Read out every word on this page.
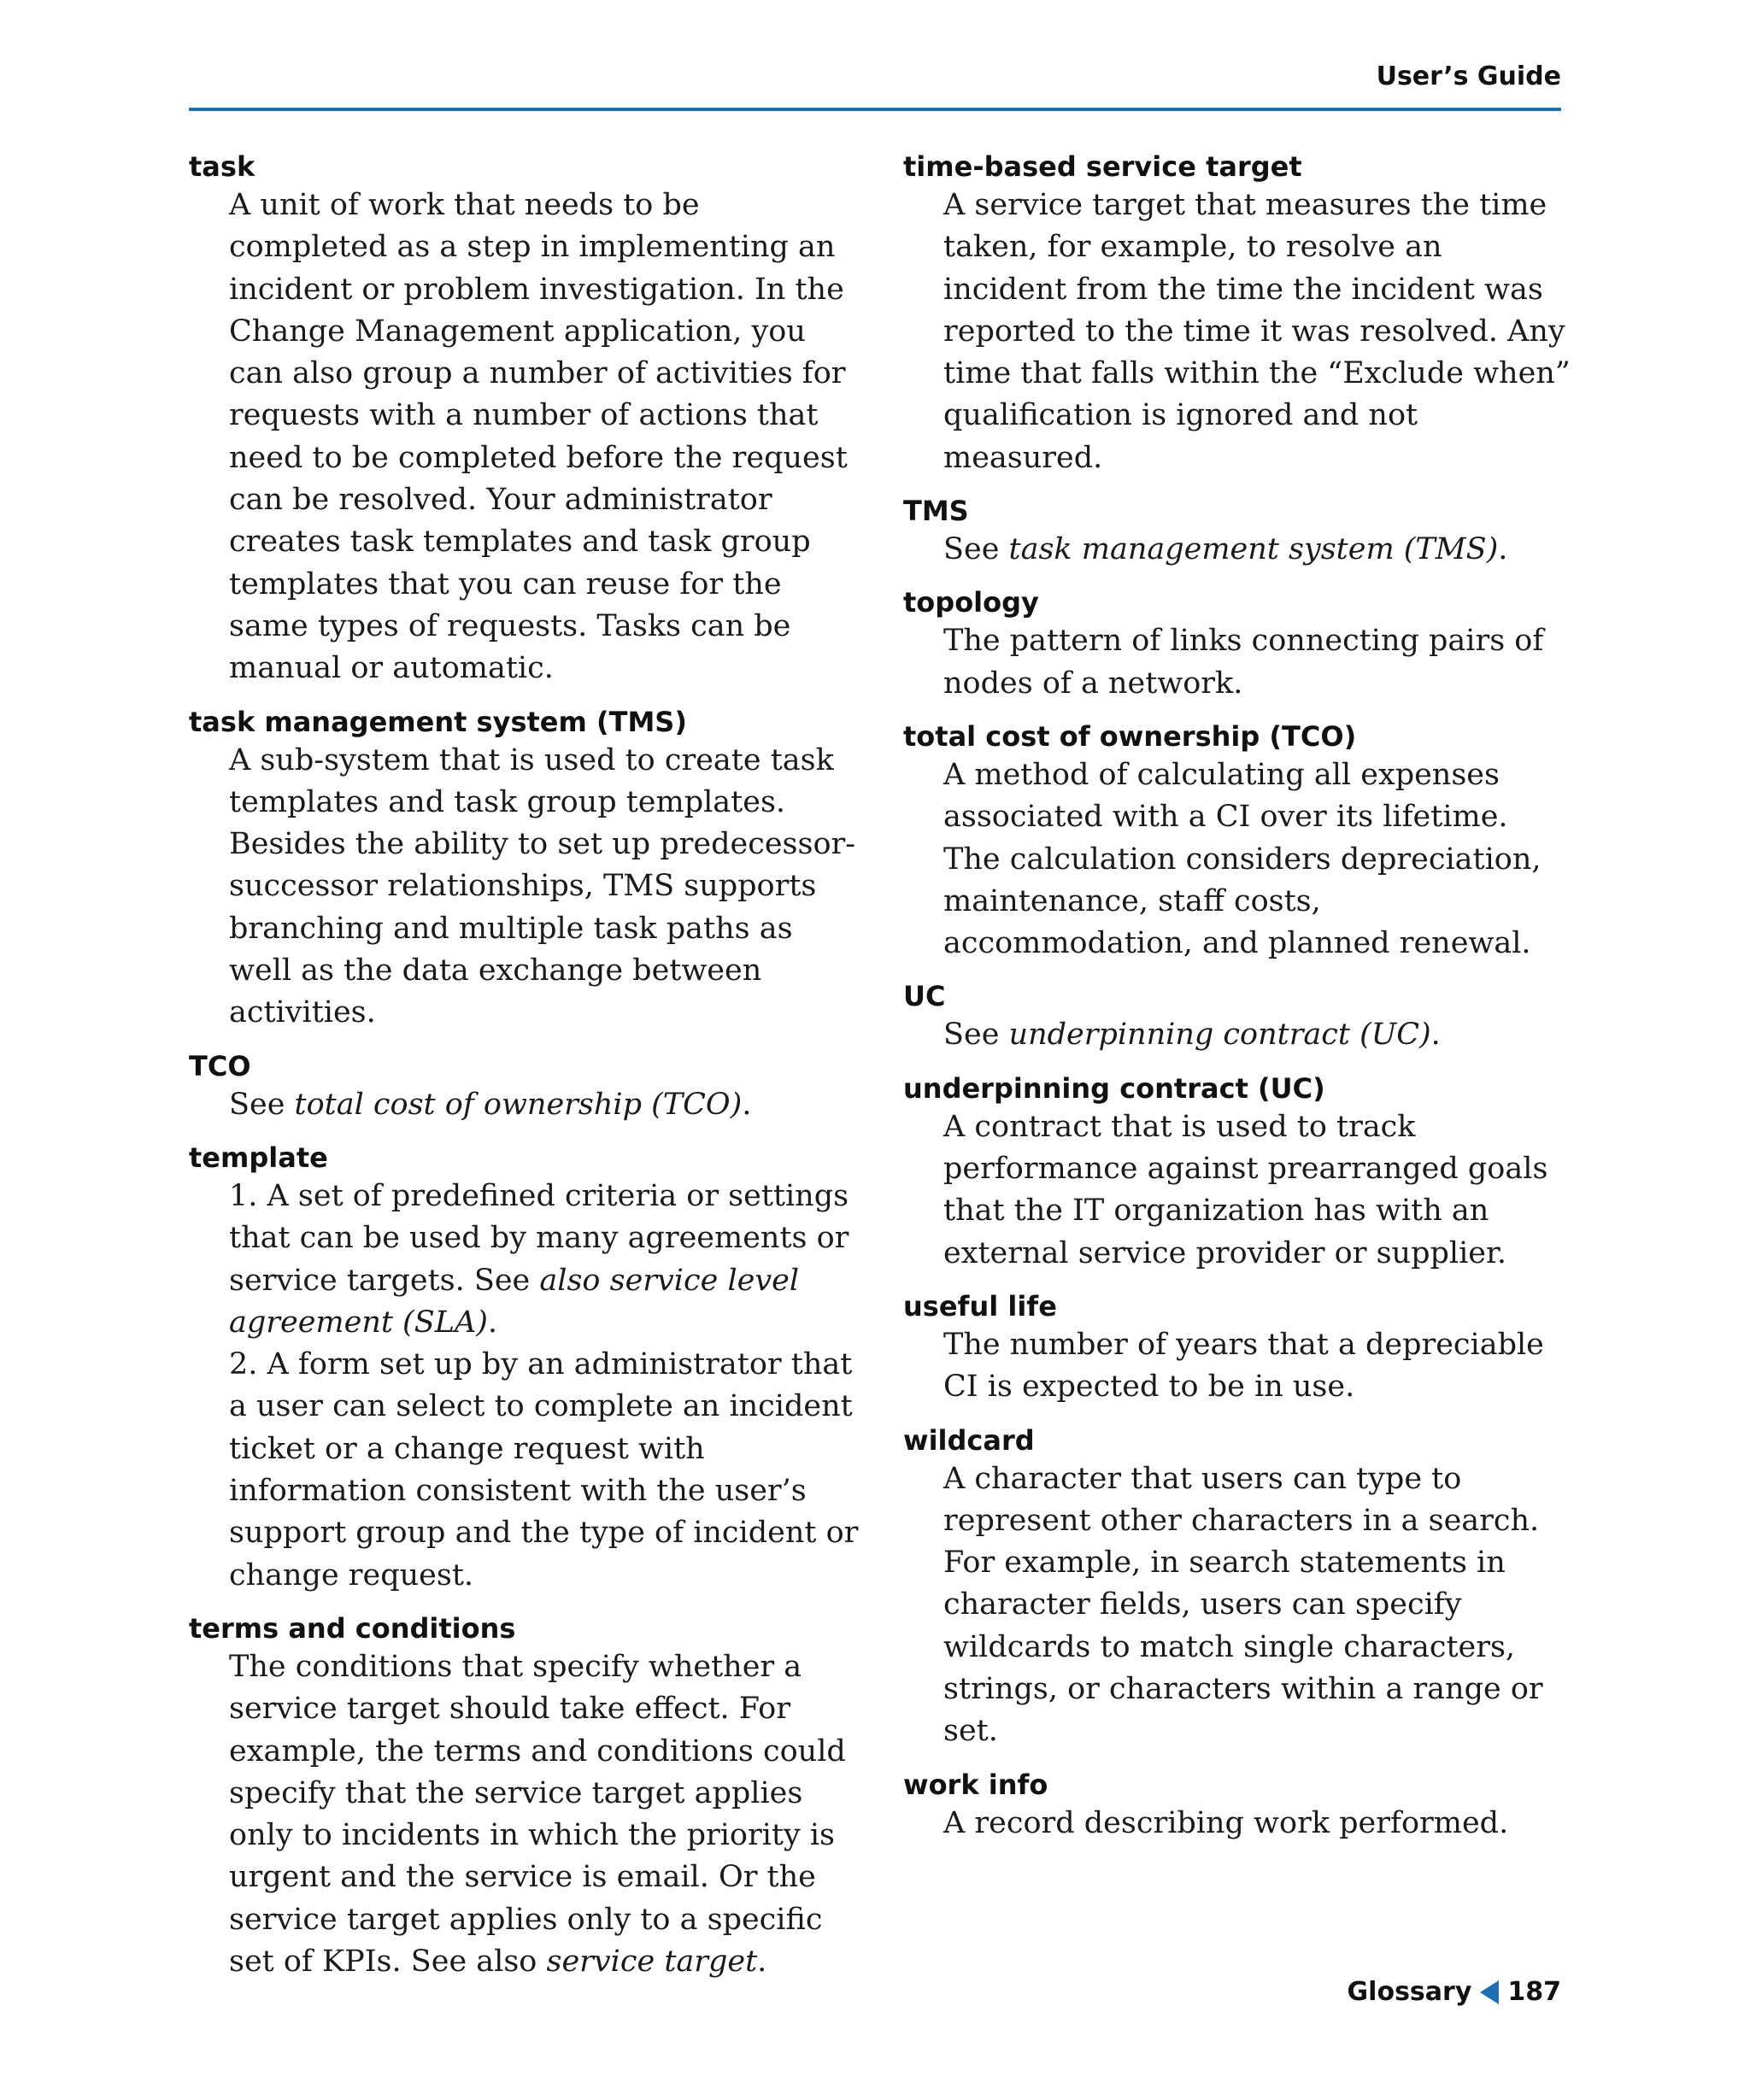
User’s Guide

task

A unit of work that needs to be completed as a step in implementing an incident or problem investigation. In the Change Management application, you can also group a number of activities for requests with a number of actions that need to be completed before the request can be resolved. Your administrator creates task templates and task group templates that you can reuse for the same types of requests. Tasks can be manual or automatic.

task management system (TMS)

A sub-system that is used to create task templates and task group templates. Besides the ability to set up predecessor-successor relationships, TMS supports branching and multiple task paths as well as the data exchange between activities.

TCO

See total cost of ownership (TCO).

template

1. A set of predefined criteria or settings that can be used by many agreements or service targets. See also service level agreement (SLA).

2. A form set up by an administrator that a user can select to complete an incident ticket or a change request with information consistent with the user’s support group and the type of incident or change request.

terms and conditions

The conditions that specify whether a service target should take effect. For example, the terms and conditions could specify that the service target applies only to incidents in which the priority is urgent and the service is email. Or the service target applies only to a specific set of KPIs. See also service target.

time-based service target

A service target that measures the time taken, for example, to resolve an incident from the time the incident was reported to the time it was resolved. Any time that falls within the “Exclude when” qualification is ignored and not measured.

TMS

See task management system (TMS).

topology

The pattern of links connecting pairs of nodes of a network.

total cost of ownership (TCO)

A method of calculating all expenses associated with a CI over its lifetime. The calculation considers depreciation, maintenance, staff costs, accommodation, and planned renewal.

UC

See underpinning contract (UC).

underpinning contract (UC)

A contract that is used to track performance against prearranged goals that the IT organization has with an external service provider or supplier.

useful life

The number of years that a depreciable CI is expected to be in use.

wildcard

A character that users can type to represent other characters in a search. For example, in search statements in character fields, users can specify wildcards to match single characters, strings, or characters within a range or set.

work info

A record describing work performed.

Glossary 187
